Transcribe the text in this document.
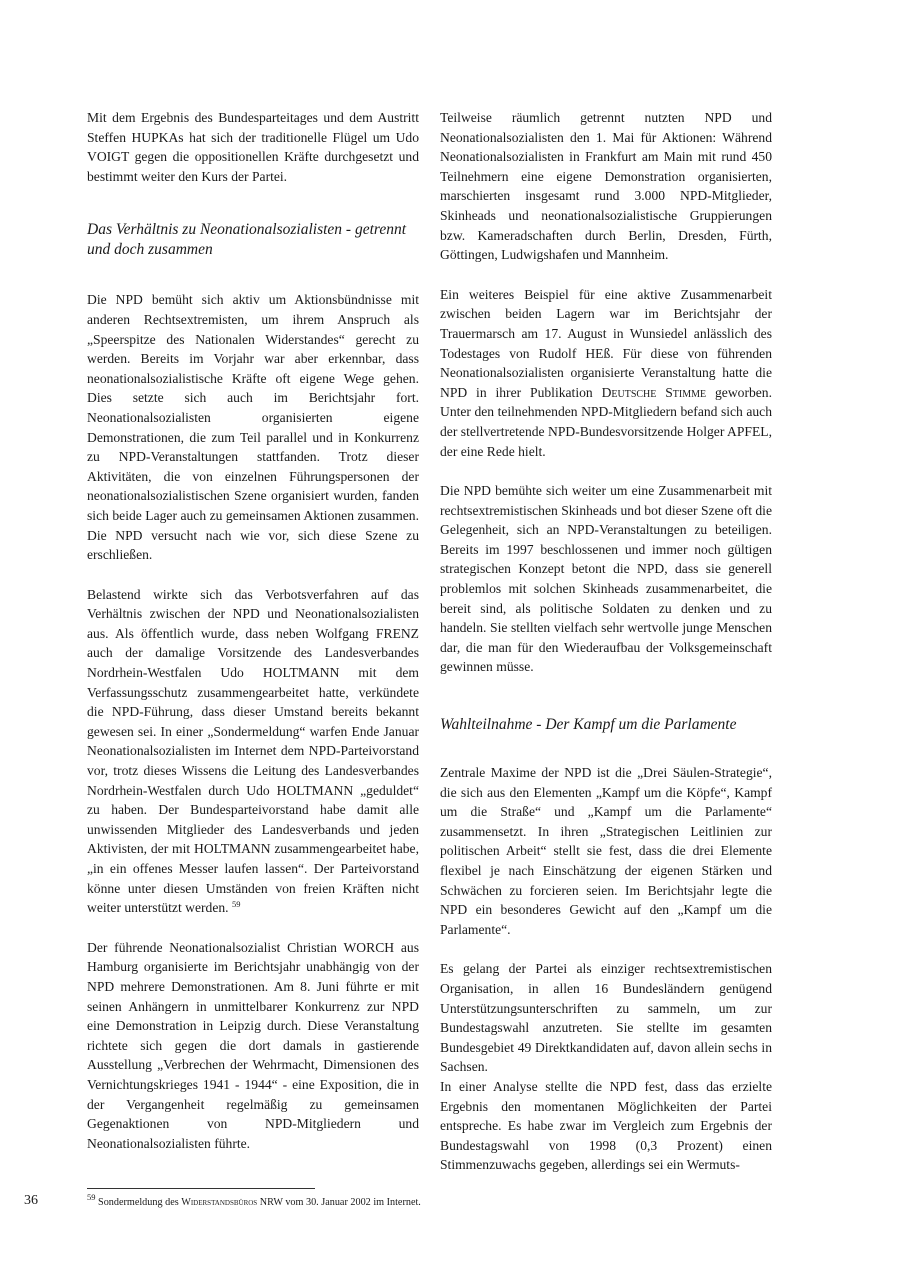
Mit dem Ergebnis des Bundesparteitages und dem Austritt Steffen HUPKAs hat sich der traditionelle Flügel um Udo VOIGT gegen die oppositionellen Kräfte durchgesetzt und bestimmt weiter den Kurs der Partei.

Das Verhältnis zu Neonationalsozialisten - getrennt und doch zusammen

Die NPD bemüht sich aktiv um Aktionsbündnisse mit anderen Rechtsextremisten, um ihrem Anspruch als „Speerspitze des Nationalen Widerstandes“ gerecht zu werden. Bereits im Vorjahr war aber erkennbar, dass neonationalsozialistische Kräfte oft eigene Wege gehen. Dies setzte sich auch im Berichtsjahr fort. Neonationalsozialisten organisierten eigene Demonstrationen, die zum Teil parallel und in Konkurrenz zu NPD-Veranstaltungen stattfanden. Trotz dieser Aktivitäten, die von einzelnen Führungspersonen der neonationalsozialistischen Szene organisiert wurden, fanden sich beide Lager auch zu gemeinsamen Aktionen zusammen. Die NPD versucht nach wie vor, sich diese Szene zu erschließen.

Belastend wirkte sich das Verbotsverfahren auf das Verhältnis zwischen der NPD und Neonationalsozialisten aus. Als öffentlich wurde, dass neben Wolfgang FRENZ auch der damalige Vorsitzende des Landesverbandes Nordrhein-Westfalen Udo HOLTMANN mit dem Verfassungsschutz zusammengearbeitet hatte, verkündete die NPD-Führung, dass dieser Umstand bereits bekannt gewesen sei. In einer „Sondermeldung“ warfen Ende Januar Neonationalsozialisten im Internet dem NPD-Parteivorstand vor, trotz dieses Wissens die Leitung des Landesverbandes Nordrhein-Westfalen durch Udo HOLTMANN „geduldet“ zu haben. Der Bundesparteivorstand habe damit alle unwissenden Mitglieder des Landesverbands und jeden Aktivisten, der mit HOLTMANN zusammengearbeitet habe, „in ein offenes Messer laufen lassen“. Der Parteivorstand könne unter diesen Umständen von freien Kräften nicht weiter unterstützt werden. $^{59}$

Der führende Neonationalsozialist Christian WORCH aus Hamburg organisierte im Berichtsjahr unabhängig von der NPD mehrere Demonstrationen. Am 8. Juni führte er mit seinen Anhängern in unmittelbarer Konkurrenz zur NPD eine Demonstration in Leipzig durch. Diese Veranstaltung richtete sich gegen die dort damals in gastierende Ausstellung „Verbrechen der Wehrmacht, Dimensionen des Vernichtungskrieges 1941 - 1944“ - eine Exposition, die in der Vergangenheit regelmäßig zu gemeinsamen Gegenaktionen von NPD-Mitgliedern und Neonationalsozialisten führte.

Teilweise räumlich getrennt nutzten NPD und Neonationalsozialisten den 1. Mai für Aktionen: Während Neonationalsozialisten in Frankfurt am Main mit rund 450 Teilnehmern eine eigene Demonstration organisierten, marschierten insgesamt rund 3.000 NPD-Mitglieder, Skinheads und neonationalsozialistische Gruppierungen bzw. Kameradschaften durch Berlin, Dresden, Fürth, Göttingen, Ludwigshafen und Mannheim.

Ein weiteres Beispiel für eine aktive Zusammenarbeit zwischen beiden Lagern war im Berichtsjahr der Trauermarsch am 17. August in Wunsiedel anlässlich des Todestages von Rudolf HEß. Für diese von führenden Neonationalsozialisten organisierte Veranstaltung hatte die NPD in ihrer Publikation Deutsche Stimme geworben. Unter den teilnehmenden NPD-Mitgliedern befand sich auch der stellvertretende NPD-Bundesvorsitzende Holger APFEL, der eine Rede hielt.

Die NPD bemühte sich weiter um eine Zusammenarbeit mit rechtsextremistischen Skinheads und bot dieser Szene oft die Gelegenheit, sich an NPD-Veranstaltungen zu beteiligen. Bereits im 1997 beschlossenen und immer noch gültigen strategischen Konzept betont die NPD, dass sie generell problemlos mit solchen Skinheads zusammenarbeitet, die bereit sind, als politische Soldaten zu denken und zu handeln. Sie stellten vielfach sehr wertvolle junge Menschen dar, die man für den Wiederaufbau der Volksgemeinschaft gewinnen müsse.

Wahlteilnahme - Der Kampf um die Parlamente

Zentrale Maxime der NPD ist die „Drei Säulen-Strategie“, die sich aus den Elementen „Kampf um die Köpfe“, Kampf um die Straße“ und „Kampf um die Parlamente“ zusammensetzt. In ihren „Strategischen Leitlinien zur politischen Arbeit“ stellt sie fest, dass die drei Elemente flexibel je nach Einschätzung der eigenen Stärken und Schwächen zu forcieren seien. Im Berichtsjahr legte die NPD ein besonderes Gewicht auf den „Kampf um die Parlamente“.

Es gelang der Partei als einziger rechtsextremistischen Organisation, in allen 16 Bundesländern genügend Unterstützungsunterschriften zu sammeln, um zur Bundestagswahl anzutreten. Sie stellte im gesamten Bundesgebiet 49 Direktkandidaten auf, davon allein sechs in Sachsen.

In einer Analyse stellte die NPD fest, dass das erzielte Ergebnis den momentanen Möglichkeiten der Partei entspreche. Es habe zwar im Vergleich zum Ergebnis der Bundestagswahl von 1998 (0,3 Prozent) einen Stimmenzuwachs gegeben, allerdings sei ein Wermuts-

36	$^{59}$ Sondermeldung des Widerstandsbüros NRW vom 30. Januar 2002 im Internet.
